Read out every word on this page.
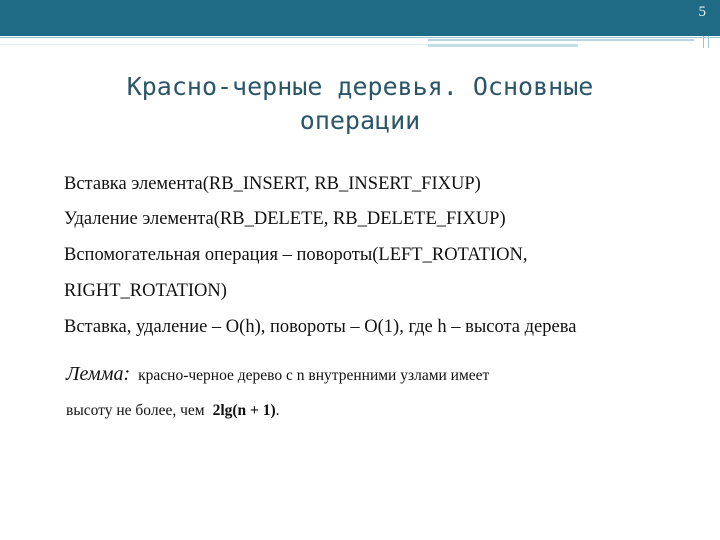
5
Красно-черные деревья. Основные
операции
Вставка элемента(RB_INSERT, RB_INSERT_FIXUP)
Удаление элемента(RB_DELETE, RB_DELETE_FIXUP)
Вспомогательная операция – повороты(LEFT_ROTATION,
RIGHT_ROTATION)
Вставка, удаление – O(h), повороты – O(1), где h – высота дерева
Лемма: красно-черное дерево с n внутренними узлами имеет
высоту не более, чем 2lg(n + 1).
